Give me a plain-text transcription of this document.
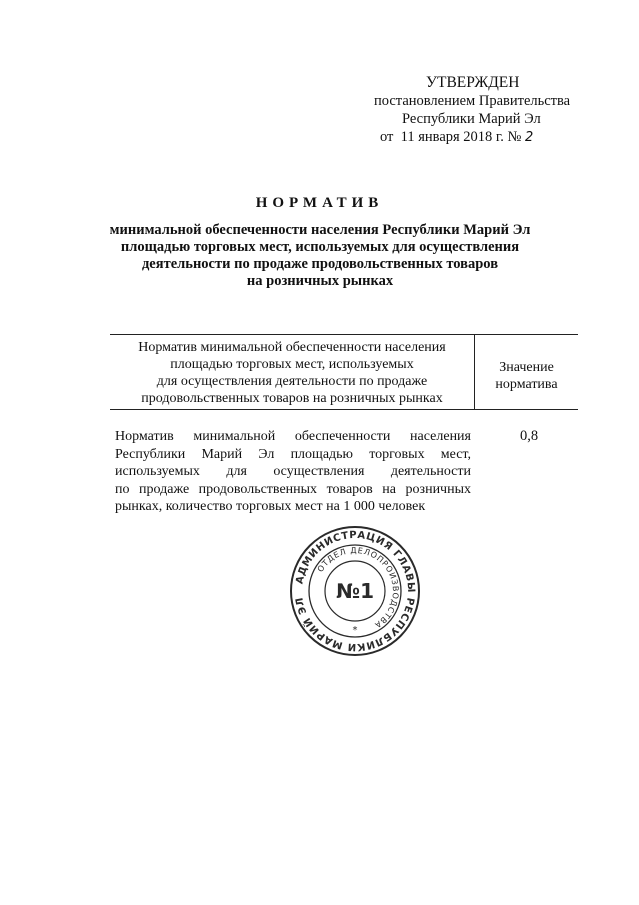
УТВЕРЖДЕН
постановлением Правительства
Республики Марий Эл
от 11 января 2018 г. № 2
НОРМАТИВ
минимальной обеспеченности населения Республики Марий Эл
площадью торговых мест, используемых для осуществления
деятельности по продаже продовольственных товаров
на розничных рынках
Норматив минимальной обеспеченности населения
площадью торговых мест, используемых
для осуществления деятельности по продаже
продовольственных товаров на розничных рынках
Значение
норматива
Норматив минимальной обеспеченности населения
Республики Марий Эл площадью торговых мест,
используемых для осуществления деятельности
по продаже продовольственных товаров на розничных
рынках, количество торговых мест на 1 000 человек
0,8
АДМИНИСТРАЦИЯ ГЛАВЫ РЕСПУБЛИКИ МАРИЙ ЭЛ
ОТДЕЛ ДЕЛОПРОИЗВОДСТВА
№1
*
